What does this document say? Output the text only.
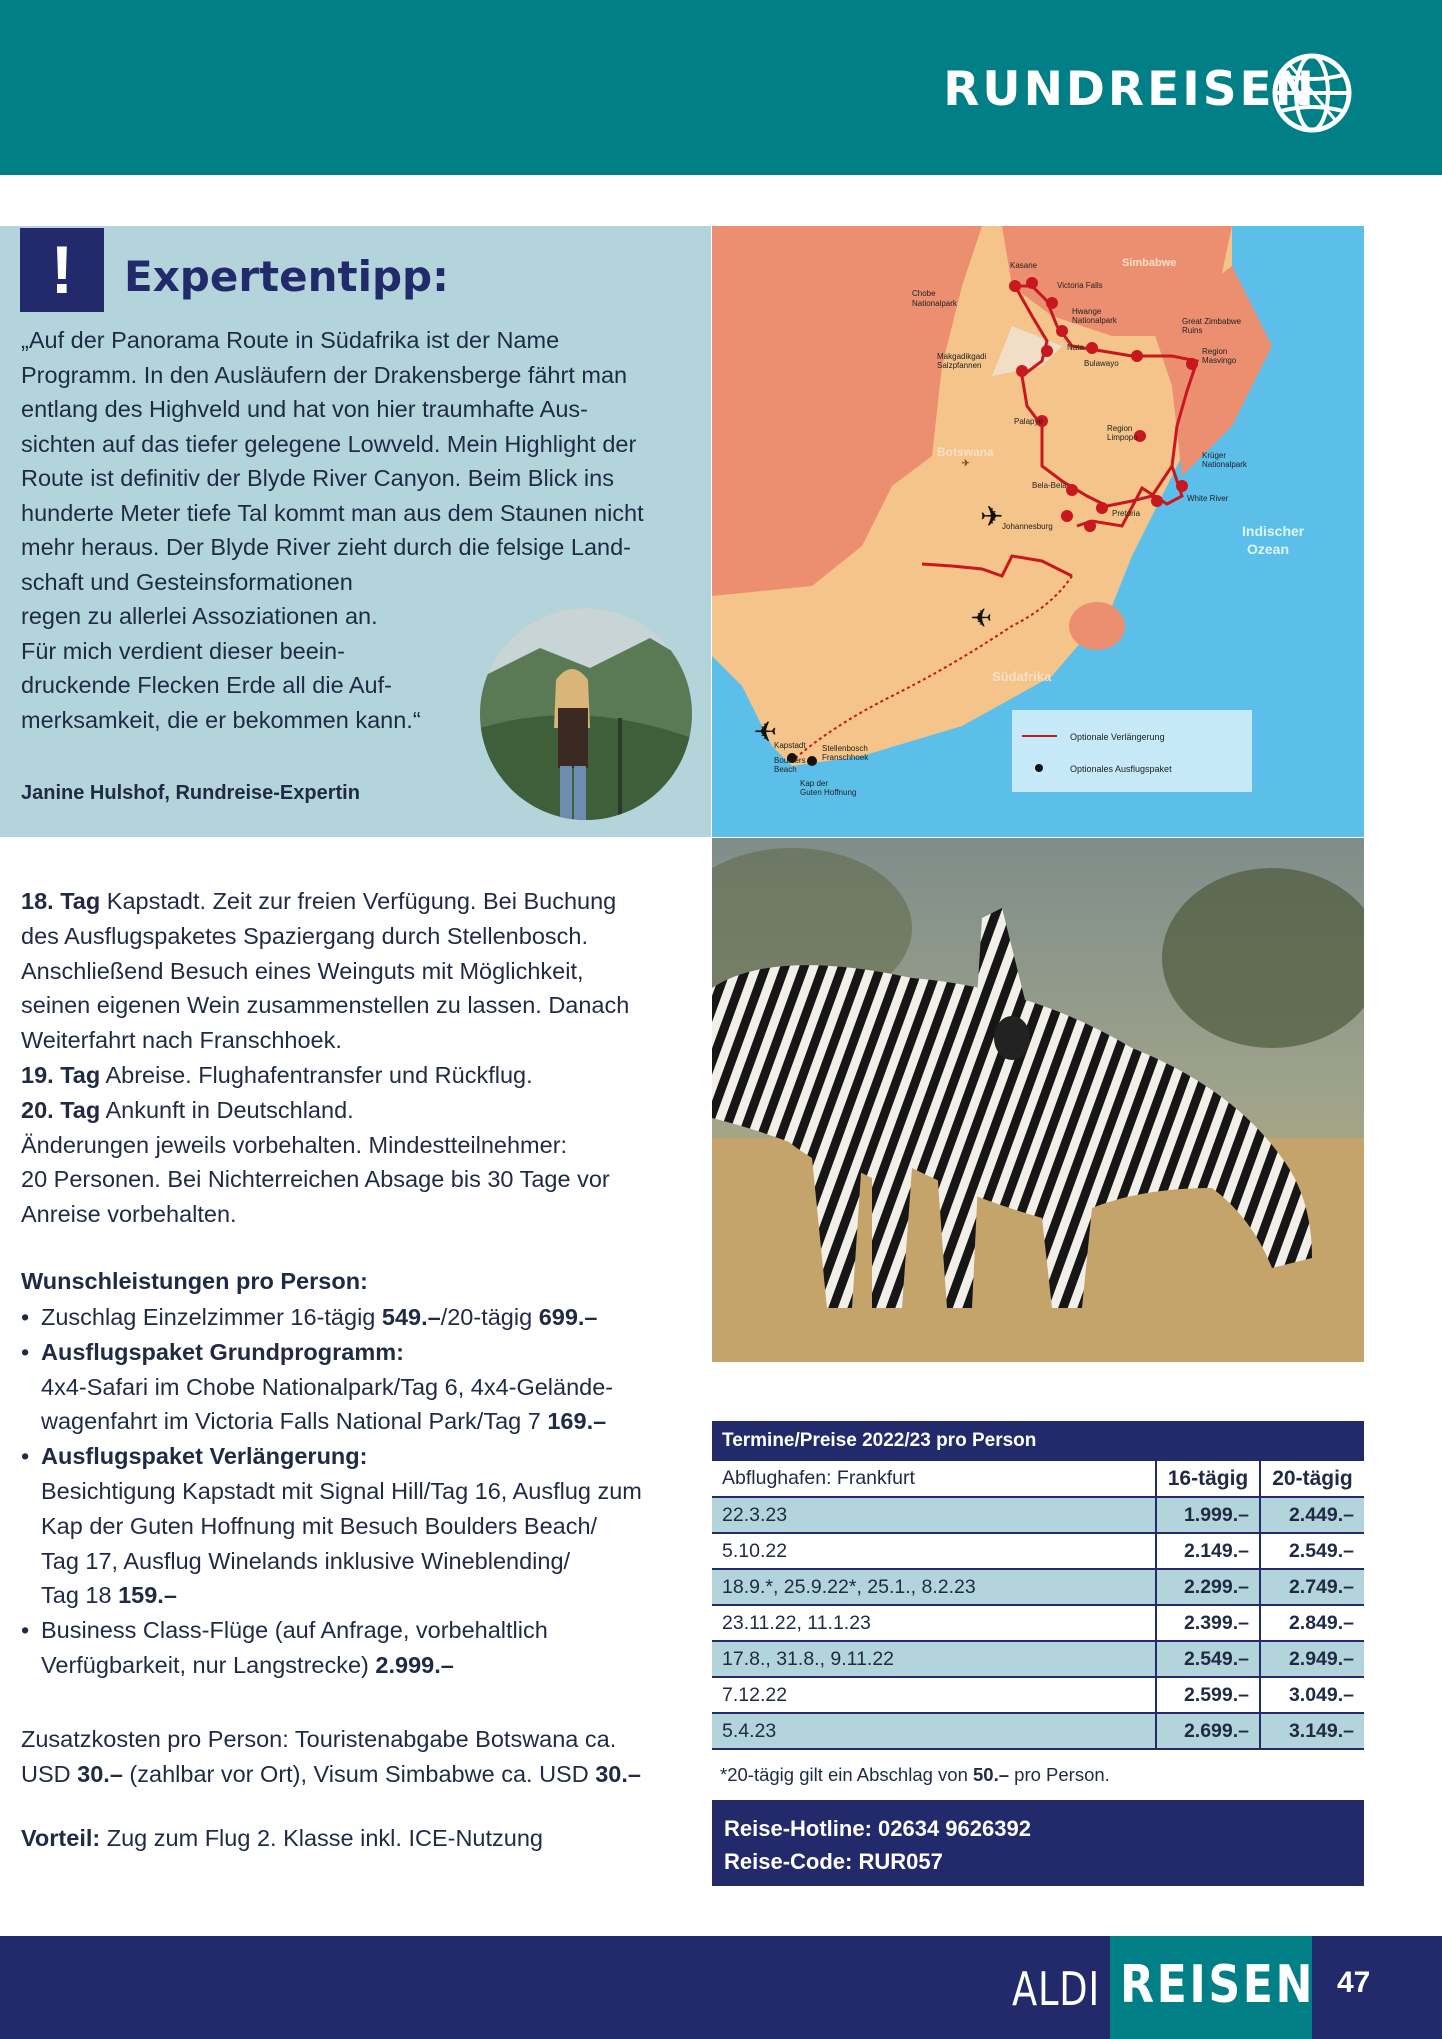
RUNDREISEN
!	Expertentipp:
„Auf der Panorama Route in Südafrika ist der Name
Programm. In den Ausläufern der Drakensberge fährt man
entlang des Highveld und hat von hier traumhafte Aus-
sichten auf das tiefer gelegene Lowveld. Mein Highlight der
Route ist definitiv der Blyde River Canyon. Beim Blick ins
hunderte Meter tiefe Tal kommt man aus dem Staunen nicht
mehr heraus. Der Blyde River zieht durch die felsige Land-
schaft und Gesteinsformationen
regen zu allerlei Assoziationen an.
Für mich verdient dieser beein-
druckende Flecken Erde all die Auf-
merksamkeit, die er bekommen kann.“
Janine Hulshof, Rundreise-Expertin
✈
Kasane
Victoria Falls
Chobe
Nationalpark
Hwange
Nationalpark
Makgadikgadi
Salzpfannen
Nata
Bulawayo
Great Zimbabwe
Ruins
Region
Masvingo
Simbabwe
Palapye
Region
Limpopo
Botswana	Krüger
Nationalpark
Bela-Bela
White River
Johannesburg
Pretoria
Indischer
Ozean
Südafrika
Kapstadt
Boulders
Beach
Stellenbosch
Franschhoek
Kap der
Guten Hoffnung
Optionale Verlängerung
Optionales Ausflugspaket
✈
✈
✈
18. Tag Kapstadt. Zeit zur freien Verfügung. Bei Buchung
des Ausflugspaketes Spaziergang durch Stellenbosch.
Anschließend Besuch eines Weinguts mit Möglichkeit,
seinen eigenen Wein zusammenstellen zu lassen. Danach
Weiterfahrt nach Franschhoek.
19. Tag Abreise. Flughafentransfer und Rückflug.
20. Tag Ankunft in Deutschland.
Änderungen jeweils vorbehalten. Mindestteilnehmer:
20 Personen. Bei Nichterreichen Absage bis 30 Tage vor
Anreise vorbehalten.
Wunschleistungen pro Person:
• Zuschlag Einzelzimmer 16-tägig 549.–/20-tägig 699.–
• Ausflugspaket Grundprogramm:
4x4-Safari im Chobe Nationalpark/Tag 6, 4x4-Gelände-
wagenfahrt im Victoria Falls National Park/Tag 7 169.–
• Ausflugspaket Verlängerung:
Besichtigung Kapstadt mit Signal Hill/Tag 16, Ausflug zum
Kap der Guten Hoffnung mit Besuch Boulders Beach/
Tag 17, Ausflug Winelands inklusive Wineblending/
Tag 18 159.–
• Business Class-Flüge (auf Anfrage, vorbehaltlich
Verfügbarkeit, nur Langstrecke) 2.999.–
Zusatzkosten pro Person: Touristenabgabe Botswana ca.
USD 30.– (zahlbar vor Ort), Visum Simbabwe ca. USD 30.–
Vorteil: Zug zum Flug 2. Klasse inkl. ICE-Nutzung
Termine/Preise 2022/23 pro Person		
Abflughafen: Frankfurt	16-tägig	20-tägig
22.3.23	1.999.–	2.449.–
5.10.22	2.149.–	2.549.–
18.9.*, 25.9.22*, 25.1., 8.2.23	2.299.–	2.749.–
23.11.22, 11.1.23	2.399.–	2.849.–
17.8., 31.8., 9.11.22	2.549.–	2.949.–
7.12.22	2.599.–	3.049.–
5.4.23	2.699.–	3.149.–
*20-tägig gilt ein Abschlag von 50.– pro Person.
Reise-Hotline: 02634 9626392
Reise-Code: RUR057
ALDI REISEN 47
